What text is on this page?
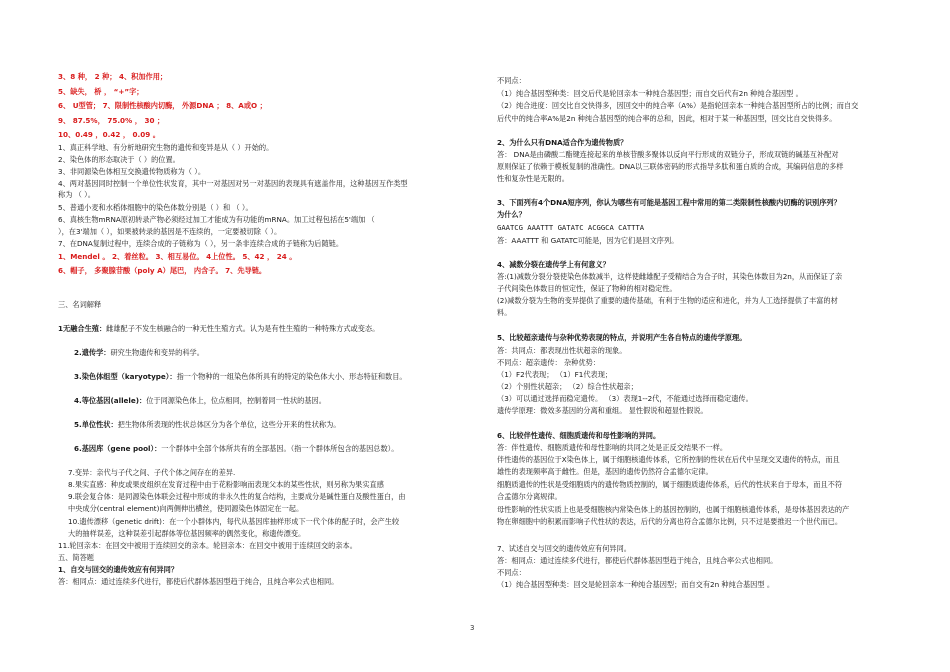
3、8 种， 2 种； 4、积加作用；
5、缺失， 桥 ， “+”字；
6、 U型管； 7、限制性核酸内切酶， 外源DNA ； 8、A或O ；
9、 87.5%， 75.0% ， 30 ；
10、0.49 ，0.42 ， 0.09 。
1、真正科学地、有分析地研究生物的遗传和变异是从（ ）开始的。
2、染色体的形态取决于（ ）的位置。
3、非同源染色体相互交换遗传物质称为（ ）。
4、两对基因同时控制一个单位性状发育，其中一对基因对另一对基因的表现具有遮盖作用，这种基因互作类型
称为 （ ）。
5、普通小麦和水稻体细胞中的染色体数分别是（ ）和 （ ）。
6、真核生物mRNA原初转录产物必须经过加工才能成为有功能的mRNA。加工过程包括在5'端加 （
），在3'端加（ ），如果被转录的基因是不连续的，一定要被切除（ ）。
7、在DNA复制过程中，连续合成的子链称为（ ），另一条非连续合成的子链称为后随链。
1、Mendel 。 2、着丝粒。 3、相互易位。 4上位性。 5、42 ， 24 。
6、帽子， 多聚腺苷酸（poly A）尾巴， 内含子。 7、先导链。
三、名词解释
1无融合生殖：雌雄配子不发生核融合的一种无性生殖方式。认为是有性生殖的一种特殊方式或变态。
2.遗传学：研究生物遗传和变异的科学。
3.染色体组型（karyotype）：指一个物种的一组染色体所具有的特定的染色体大小、形态特征和数目。
4.等位基因(allele)：位于同源染色体上，位点相同，控制着同一性状的基因。
5.单位性状：把生物体所表现的性状总体区分为各个单位，这些分开来的性状称为。
6.基因库（gene pool）：一个群体中全部个体所共有的全部基因。（指一个群体所包含的基因总数）。
7.变异：亲代与子代之间、子代个体之间存在的差异.
8.果实直感：种皮或果皮组织在发育过程中由于花粉影响而表现父本的某些性状，则另称为果实直感
9.联会复合体：是同源染色体联会过程中形成的非永久性的复合结构，主要成分是碱性蛋白及酸性蛋白，由
中央成分(central element)向两侧伸出横丝，使同源染色体固定在一起。
10.遗传漂移（genetic drift)：在一个小群体内，每代从基因库抽样形成下一代个体的配子时，会产生较
大的抽样误差，这种误差引起群体等位基因频率的偶然变化，称遗传漂变。
11.轮回亲本：在回交中被用于连续回交的亲本。轮回亲本：在回交中被用于连续回交的亲本。
五、简答题
1、自交与回交的遗传效应有何异同？
答：相同点：通过连续多代进行，都使后代群体基因型趋于纯合，且纯合率公式也相同。
不同点：
（1）纯合基因型种类：回交后代是轮回亲本一种纯合基因型；而自交后代有2n 种纯合基因型 。
（2）纯合进度：回交比自交快得多，因回交中的纯合率（A%）是指轮回亲本一种纯合基因型所占的比例；而自交
后代中的纯合率A%是2n 种纯合基因型的纯合率的总和，因此，相对于某一种基因型，回交比自交快得多。
2、为什么只有DNA适合作为遗传物质？
答： DNA是由磷酸二酯键连接起来的单核苷酸多聚体以反向平行形成的双链分子，形成双链的碱基互补配对
原则保证了依赖于模板复制的准确性。DNA以三联体密码的形式指导多肽和蛋白质的合成，其编码信息的多样
性和复杂性是无限的。
3、下面列有4个DNA短序列，你认为哪些有可能是基因工程中常用的第二类限制性核酸内切酶的识别序列？
为什么？
GAATCG AAATTT GATATC ACGGCA CATTTA
答：AAATTT 和 GATATC可能是，因为它们是回文序列。
4、减数分裂在遗传学上有何意义？
答:(1)减数分裂分裂使染色体数减半，这样使雌雄配子受精结合为合子时，其染色体数目为2n，从而保证了亲
子代间染色体数目的恒定性，保证了物种的相对稳定性。
(2)减数分裂为生物的变异提供了重要的遗传基础，有利于生物的适应和进化，并为人工选择提供了丰富的材
料。
5、比较超亲遗传与杂种优势表现的特点，并说明产生各自特点的遗传学原理。
答：共同点：都表现出性状超亲的现象。
不同点：超亲遗传： 杂种优势：
（1）F2代表现； （1）F1代表现；
（2）个别性状超亲； （2）综合性状超亲；
（3）可以通过选择而稳定遗传。 （3）表现1--2代，不能通过选择而稳定遗传。
遗传学原理：微效多基因的分离和重组。 显性假说和超显性假说。
6、比较伴性遗传、细胞质遗传和母性影响的异同。
答：伴性遗传、细胞质遗传和母性影响的共同之处是正反交结果不一样。
伴性遗传的基因位于X染色体上，属于细胞核遗传体系，它所控制的性状在后代中呈现交叉遗传的特点，而且
雄性的表现频率高于雌性。但是，基因的遗传仍然符合孟德尔定律。
细胞质遗传的性状是受细胞质内的遗传物质控制的，属于细胞质遗传体系，后代的性状来自于母本，而且不符
合孟德尔分离规律。
母性影响的性状实质上也是受细胞核内常染色体上的基因控制的，也属于细胞核遗传体系，是母体基因表达的产
物在卵细胞中的积累而影响子代性状的表达，后代的分离也符合孟德尔比例，只不过是要推迟一个世代而已。
7、试述自交与回交的遗传效应有何异同。
答：相同点：通过连续多代进行，都使后代群体基因型趋于纯合，且纯合率公式也相同。
不同点：
（1）纯合基因型种类：回交是轮回亲本一种纯合基因型；而自交有2n 种纯合基因型 。
3
